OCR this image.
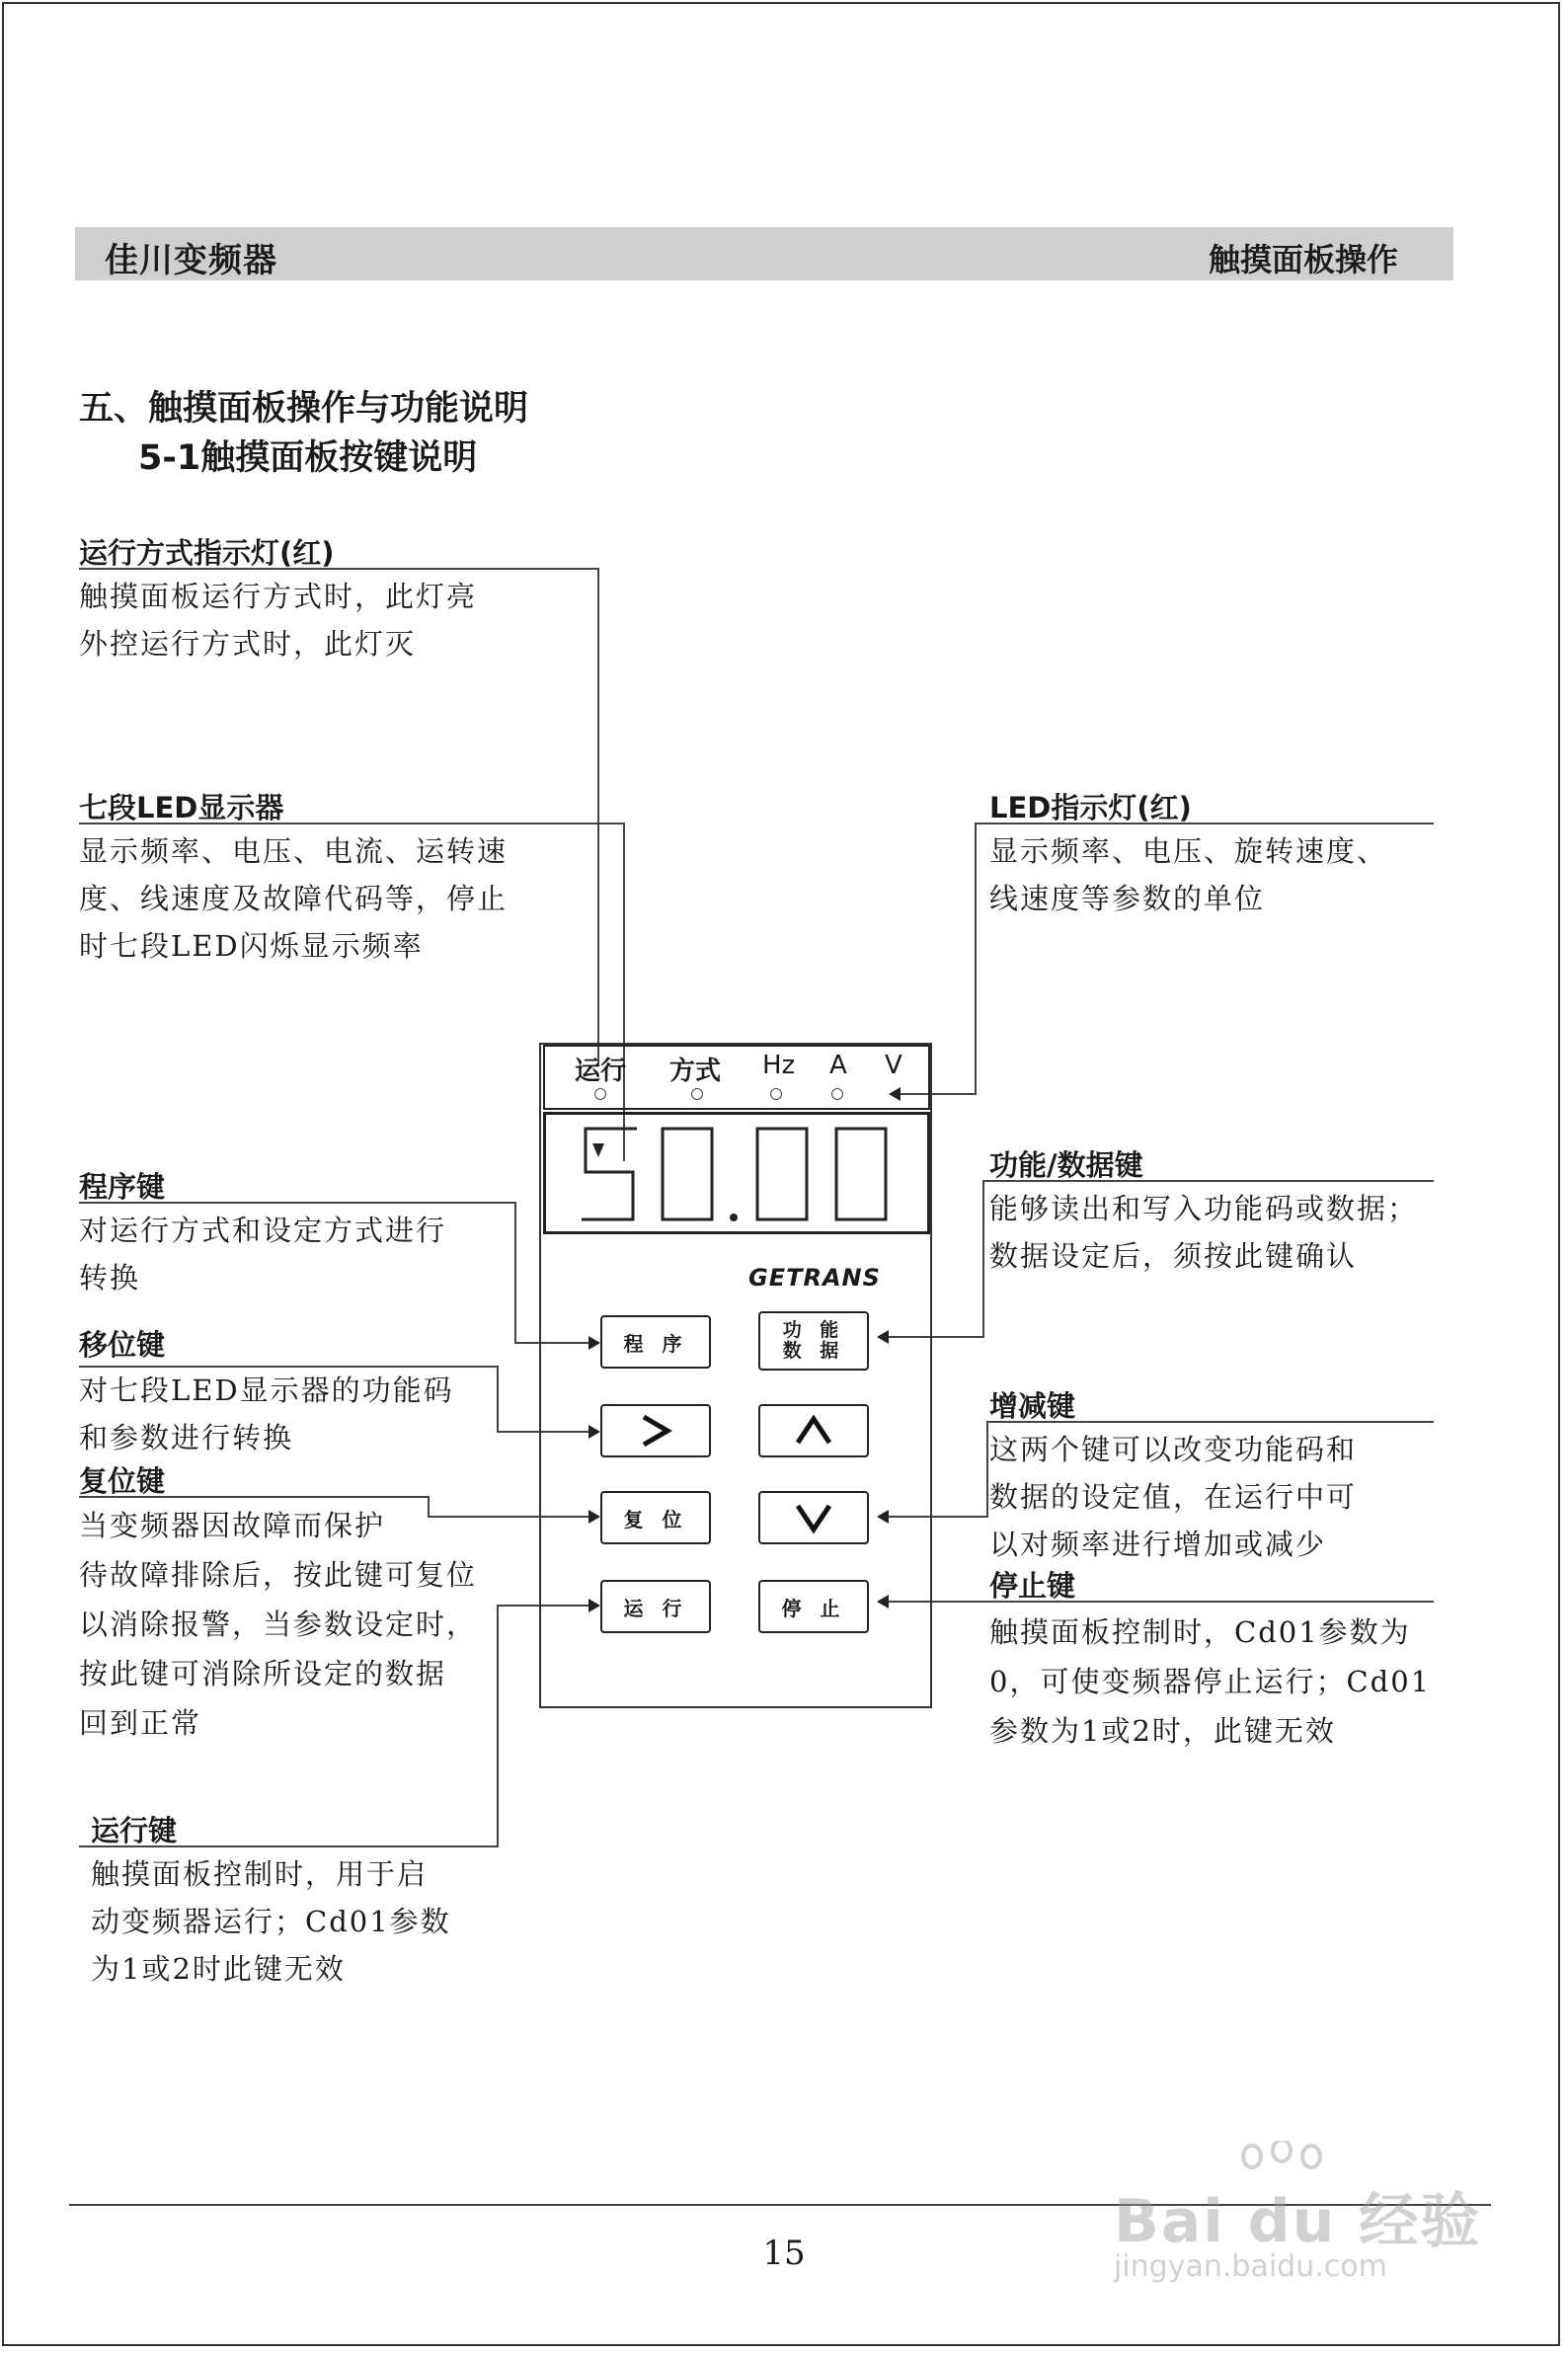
佳川变频器	触摸面板操作
五、触摸面板操作与功能说明
5-1触摸面板按键说明
运行方式指示灯(红)
触摸面板运行方式时，此灯亮
外控运行方式时，此灯灭
七段LED显示器
显示频率、电压、电流、运转速
度、线速度及故障代码等，停止
时七段LED闪烁显示频率
程序键
对运行方式和设定方式进行
转换
移位键
对七段LED显示器的功能码
和参数进行转换
复位键
当变频器因故障而保护
待故障排除后，按此键可复位
以消除报警，当参数设定时，
按此键可消除所设定的数据
回到正常
运行键
触摸面板控制时，用于启
动变频器运行；Cd01参数
为1或2时此键无效
LED指示灯(红)
显示频率、电压、旋转速度、
线速度等参数的单位
功能/数据键
能够读出和写入功能码或数据；
数据设定后，须按此键确认
增减键
这两个键可以改变功能码和
数据的设定值，在运行中可
以对频率进行增加或减少
停止键
触摸面板控制时，Cd01参数为
0，可使变频器停止运行；Cd01
参数为1或2时，此键无效
运行 方式 Hz A V
GETRANS
程 序
功 能
数 据
复 位
运 行	停 止
15	Bai du 经验
jingyan.baidu.com
